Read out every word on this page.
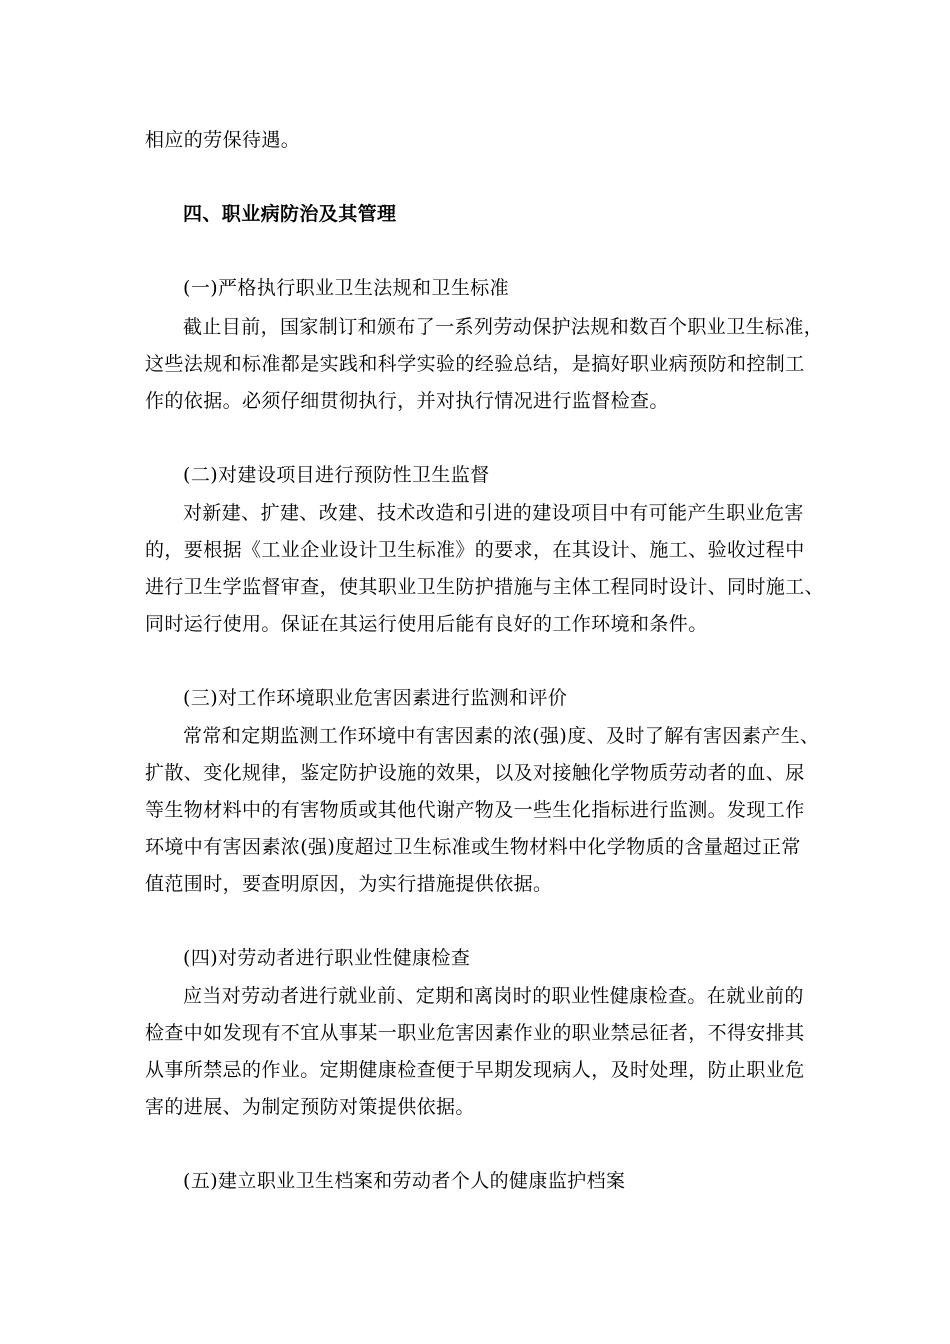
相应的劳保待遇。
四、职业病防治及其管理
(一)严格执行职业卫生法规和卫生标准
截止目前，国家制订和颁布了一系列劳动保护法规和数百个职业卫生标准，
这些法规和标准都是实践和科学实验的经验总结，是搞好职业病预防和控制工
作的依据。必须仔细贯彻执行，并对执行情况进行监督检查。
(二)对建设项目进行预防性卫生监督
对新建、扩建、改建、技术改造和引进的建设项目中有可能产生职业危害
的，要根据《工业企业设计卫生标准》的要求，在其设计、施工、验收过程中
进行卫生学监督审查，使其职业卫生防护措施与主体工程同时设计、同时施工、
同时运行使用。保证在其运行使用后能有良好的工作环境和条件。
(三)对工作环境职业危害因素进行监测和评价
常常和定期监测工作环境中有害因素的浓(强)度、及时了解有害因素产生、
扩散、变化规律，鉴定防护设施的效果，以及对接触化学物质劳动者的血、尿
等生物材料中的有害物质或其他代谢产物及一些生化指标进行监测。发现工作
环境中有害因素浓(强)度超过卫生标准或生物材料中化学物质的含量超过正常
值范围时，要查明原因，为实行措施提供依据。
(四)对劳动者进行职业性健康检查
应当对劳动者进行就业前、定期和离岗时的职业性健康检查。在就业前的
检查中如发现有不宜从事某一职业危害因素作业的职业禁忌征者，不得安排其
从事所禁忌的作业。定期健康检查便于早期发现病人，及时处理，防止职业危
害的进展、为制定预防对策提供依据。
(五)建立职业卫生档案和劳动者个人的健康监护档案
